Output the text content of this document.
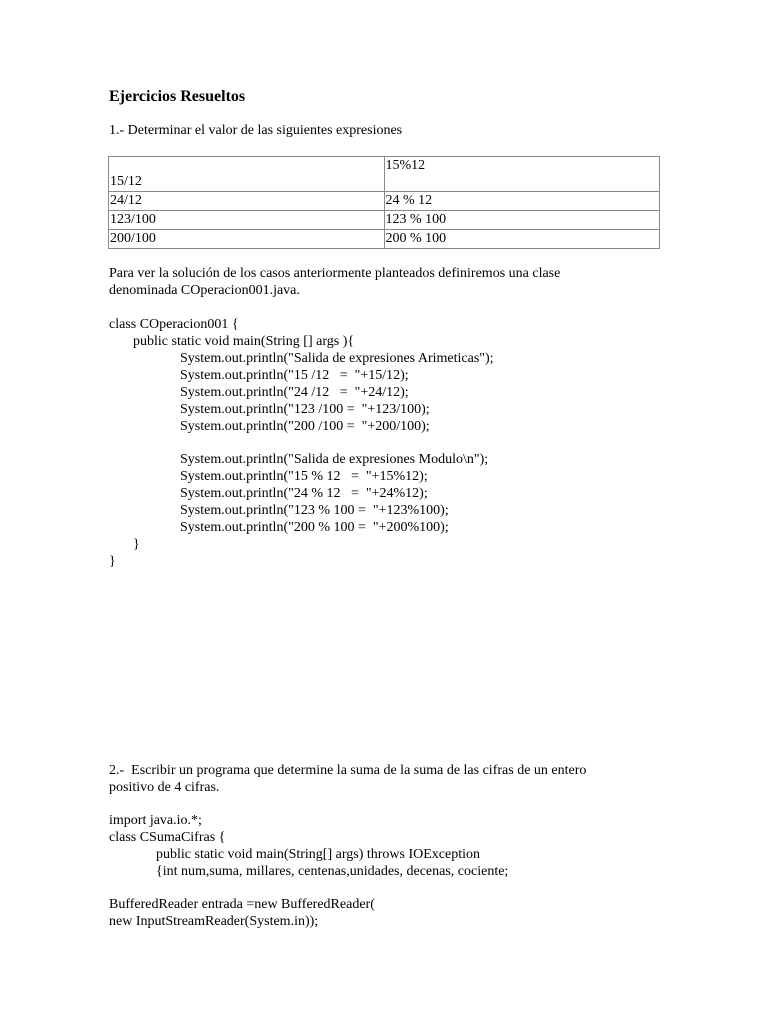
Ejercicios Resueltos
1.- Determinar el valor de las siguientes expresiones
15/12	15%12
24/12	24 % 12
123/100	123 % 100
200/100	200 % 100
Para ver la solución de los casos anteriormente planteados definiremos una clase
denominada COperacion001.java.
class COperacion001 {
public static void main(String [] args ){
System.out.println("Salida de expresiones Arimeticas");
System.out.println("15 /12   =  "+15/12);
System.out.println("24 /12   =  "+24/12);
System.out.println("123 /100 =  "+123/100);
System.out.println("200 /100 =  "+200/100);
System.out.println("Salida de expresiones Modulo\n");
System.out.println("15 % 12   =  "+15%12);
System.out.println("24 % 12   =  "+24%12);
System.out.println("123 % 100 =  "+123%100);
System.out.println("200 % 100 =  "+200%100);
}
}
2.-  Escribir un programa que determine la suma de la suma de las cifras de un entero
positivo de 4 cifras.
import java.io.*;
class CSumaCifras {
public static void main(String[] args) throws IOException
{int num,suma, millares, centenas,unidades, decenas, cociente;
BufferedReader entrada =new BufferedReader(
new InputStreamReader(System.in));
